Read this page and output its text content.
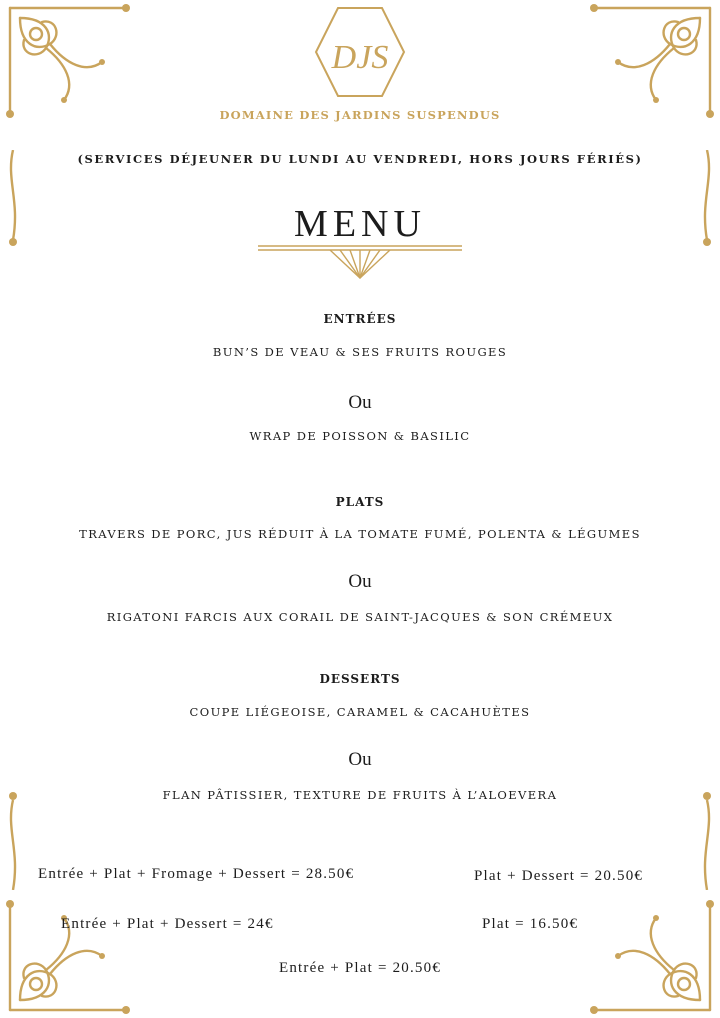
DJS
DOMAINE DES JARDINS SUSPENDUS
(SERVICES DÉJEUNER DU LUNDI AU VENDREDI, HORS JOURS FÉRIÉS)
MENU
ENTRÉES
BUN’S DE VEAU & SES FRUITS ROUGES
Ou
WRAP DE POISSON & BASILIC
PLATS
TRAVERS DE PORC, JUS RÉDUIT À LA TOMATE FUMÉ, POLENTA & LÉGUMES
Ou
RIGATONI FARCIS AUX CORAIL DE SAINT-JACQUES & SON CRÉMEUX
DESSERTS
COUPE LIÉGEOISE, CARAMEL & CACAHUÈTES
Ou
FLAN PÂTISSIER, TEXTURE DE FRUITS À L’ALOEVERA
Entrée + Plat + Fromage + Dessert = 28.50€	Plat + Dessert = 20.50€
Entrée + Plat + Dessert = 24€	Plat = 16.50€
Entrée + Plat = 20.50€
